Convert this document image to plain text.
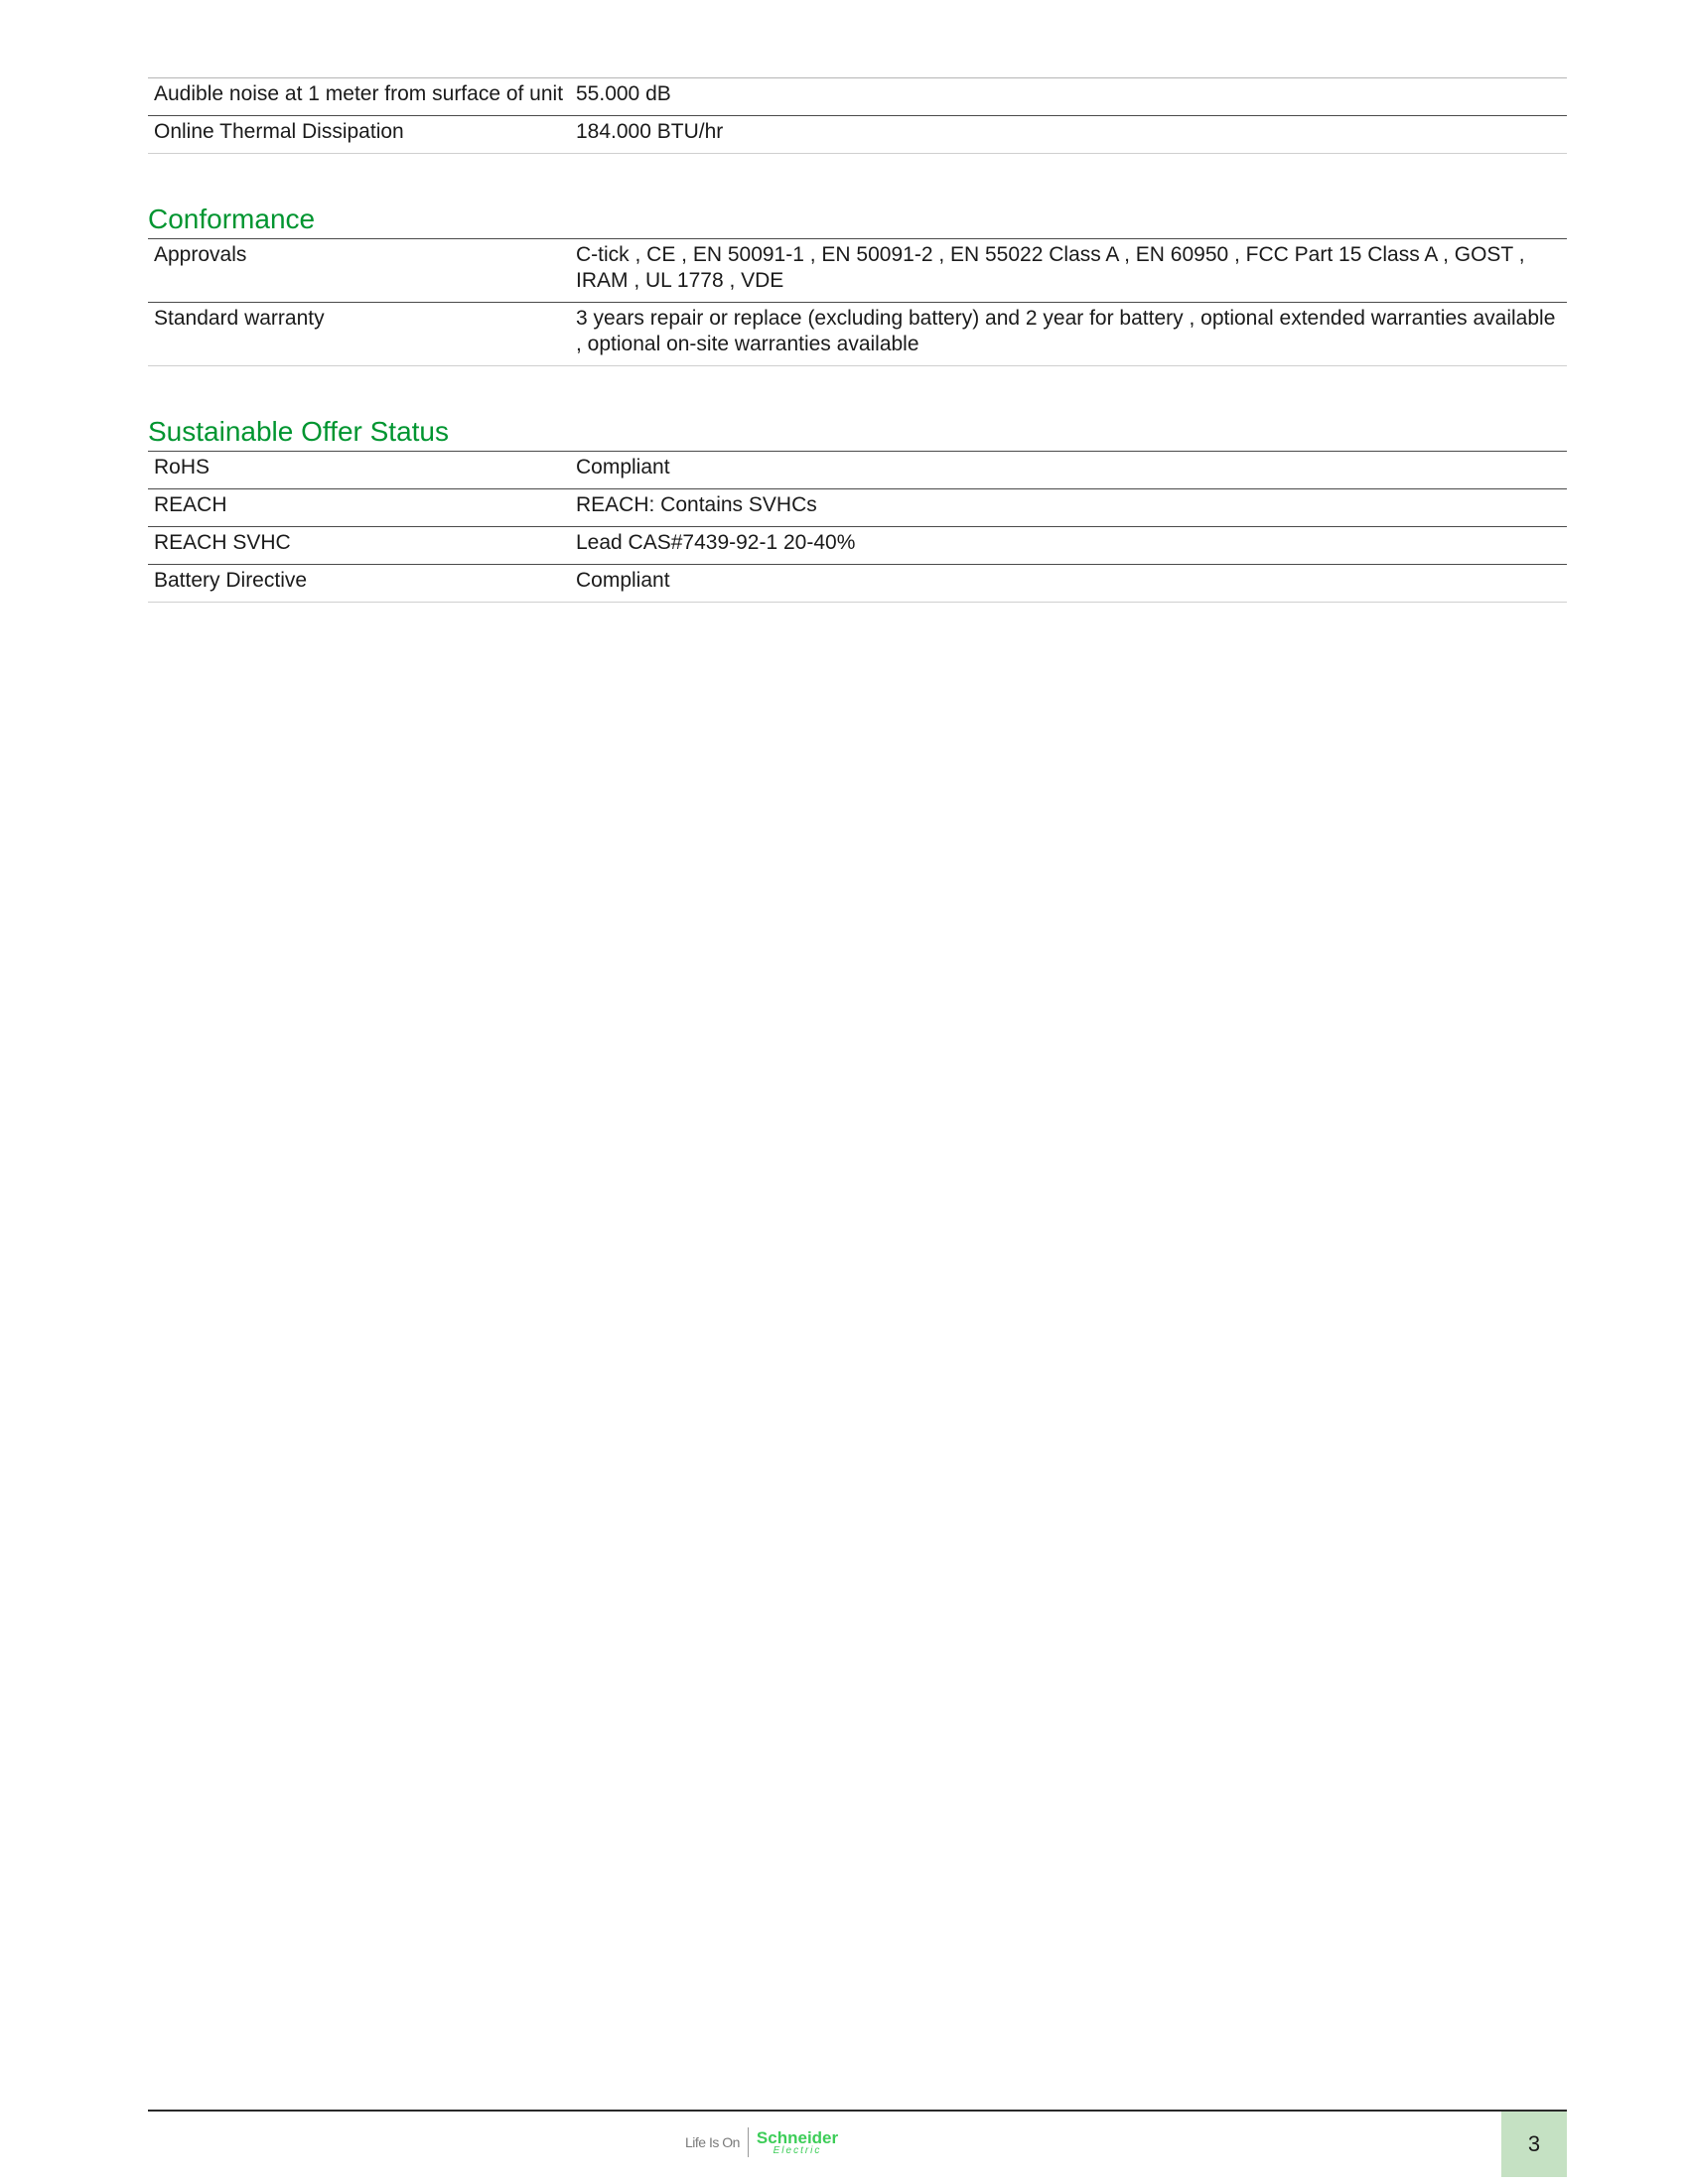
Audible noise at 1 meter from surface of unit	55.000 dB
Online Thermal Dissipation	184.000 BTU/hr
Conformance
Approvals	C-tick , CE , EN 50091-1 , EN 50091-2 , EN 55022 Class A , EN 60950 , FCC Part 15 Class A , GOST , IRAM , UL 1778 , VDE
Standard warranty	3 years repair or replace (excluding battery) and 2 year for battery , optional extended warranties available , optional on-site warranties available
Sustainable Offer Status
RoHS	Compliant
REACH	REACH: Contains SVHCs
REACH SVHC	Lead CAS#7439-92-1 20-40%
Battery Directive	Compliant
Life Is On Schneider
Electric	3
